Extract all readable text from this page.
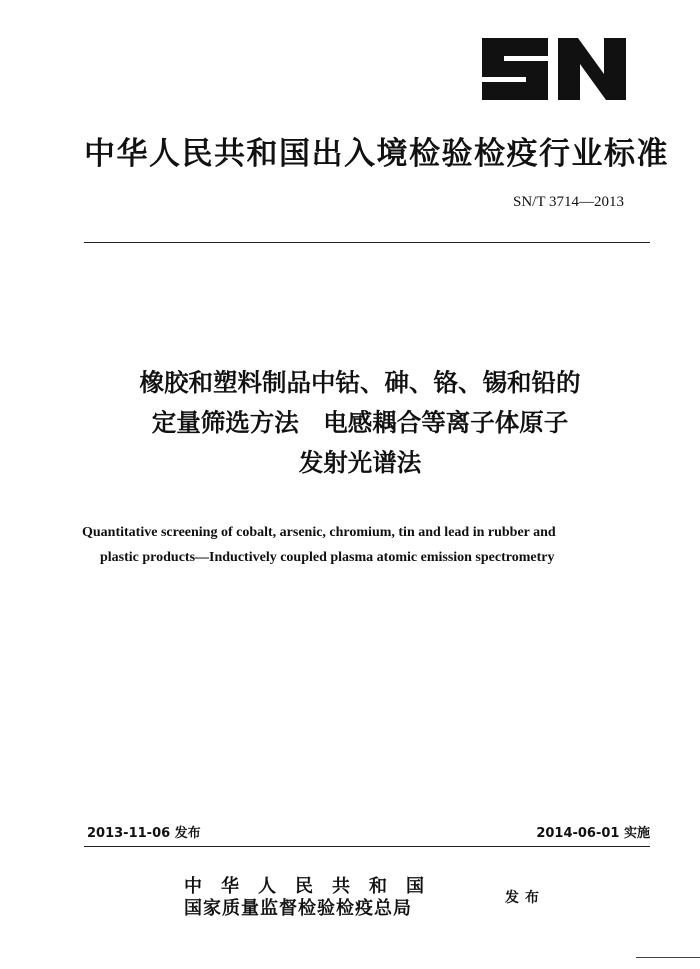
中华人民共和国出入境检验检疫行业标准
SN/T 3714—2013
橡胶和塑料制品中钴、砷、铬、锡和铅的
定量筛选方法　电感耦合等离子体原子
发射光谱法
Quantitative screening of cobalt, arsenic, chromium, tin and lead in rubber and
plastic products—Inductively coupled plasma atomic emission spectrometry
2013-11-06 发布	2014-06-01 实施
中华人民共和国
国家质量监督检验检疫总局	发布
